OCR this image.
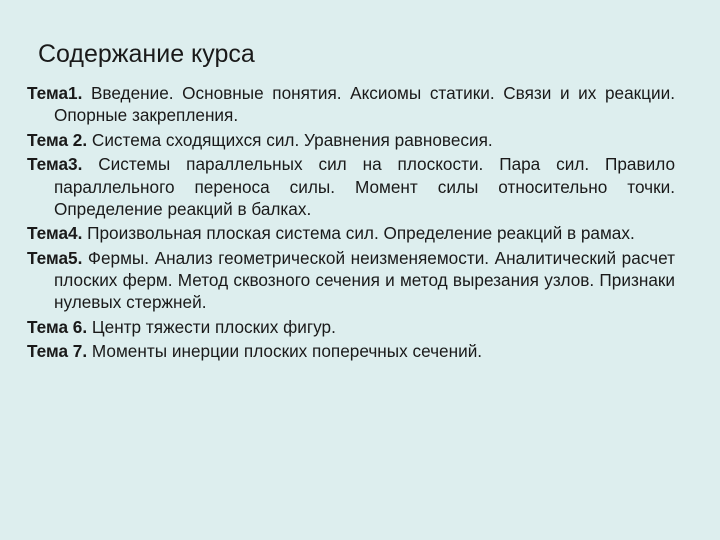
Содержание курса
Тема1. Введение. Основные понятия. Аксиомы статики. Связи и их реакции. Опорные закрепления.
Тема 2. Система сходящихся сил. Уравнения равновесия.
Тема3. Системы параллельных сил на плоскости. Пара сил. Правило параллельного переноса силы. Момент силы относительно точки. Определение реакций в балках.
Тема4. Произвольная плоская система сил. Определение реакций в рамах.
Тема5. Фермы. Анализ геометрической неизменяемости. Аналитический расчет плоских ферм. Метод сквозного сечения и метод вырезания узлов. Признаки нулевых стержней.
Тема 6. Центр тяжести плоских фигур.
Тема 7. Моменты инерции плоских поперечных сечений.
